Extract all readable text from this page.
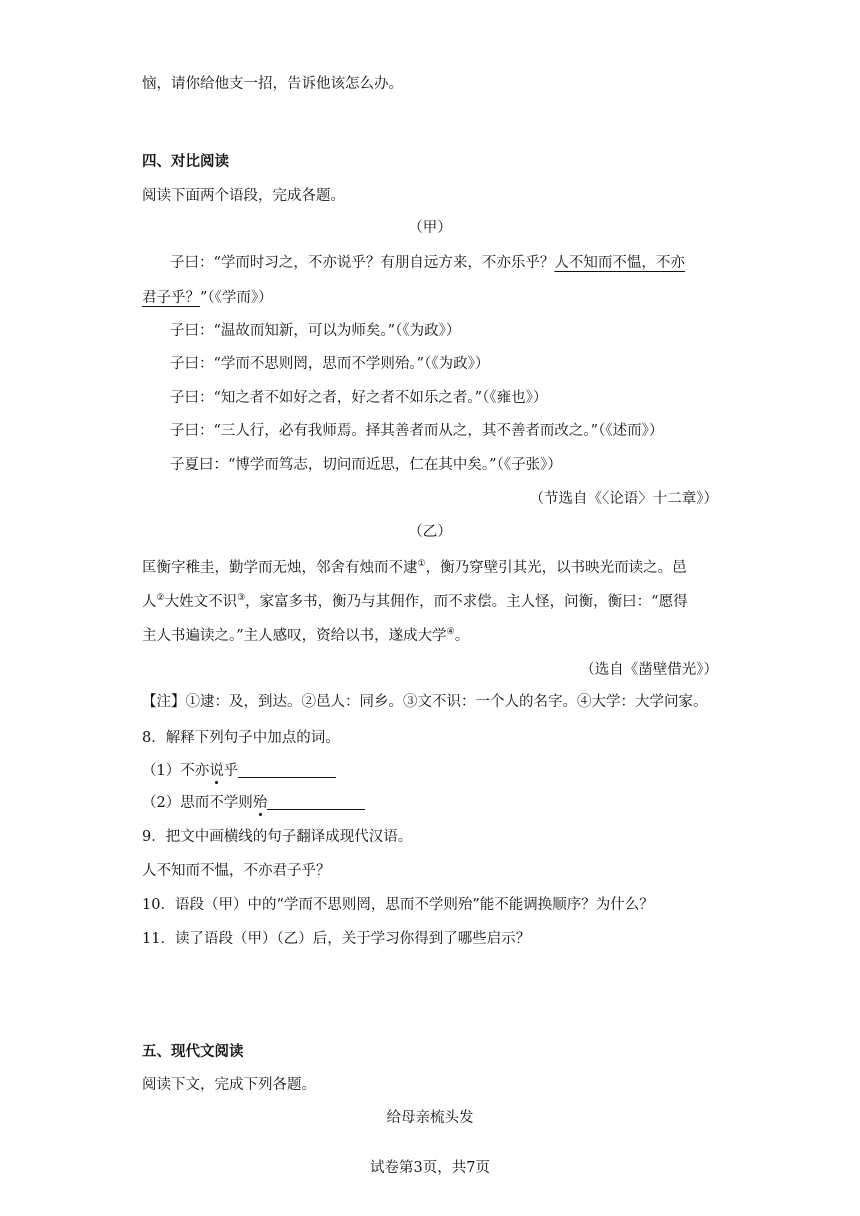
恼，请你给他支一招，告诉他该怎么办。
四、对比阅读
阅读下面两个语段，完成各题。
（甲）
子曰：“学而时习之，不亦说乎？有朋自远方来，不亦乐乎？人不知而不愠，不亦
君子乎？”（《学而》）
子曰：“温故而知新，可以为师矣。”（《为政》）
子曰：“学而不思则罔，思而不学则殆。”（《为政》）
子曰：“知之者不如好之者，好之者不如乐之者。”（《雍也》）
子曰：“三人行，必有我师焉。择其善者而从之，其不善者而改之。”（《述而》）
子夏曰：“博学而笃志，切问而近思，仁在其中矣。”（《子张》）
（节选自《〈论语〉十二章》）
（乙）
匡衡字稚圭，勤学而无烛，邻舍有烛而不逮①，衡乃穿壁引其光，以书映光而读之。邑
人②大姓文不识③，家富多书，衡乃与其佣作，而不求偿。主人怪，问衡，衡曰：“愿得
主人书遍读之。”主人感叹，资给以书，遂成大学④。
（选自《凿壁借光》）
【注】①逮：及，到达。②邑人：同乡。③文不识：一个人的名字。④大学：大学问家。
8．解释下列句子中加点的词。
（1）不亦说乎
（2）思而不学则殆
9．把文中画横线的句子翻译成现代汉语。
人不知而不愠，不亦君子乎？
10．语段（甲）中的“学而不思则罔，思而不学则殆”能不能调换顺序？为什么？
11．读了语段（甲）（乙）后，关于学习你得到了哪些启示？
五、现代文阅读
阅读下文，完成下列各题。
给母亲梳头发
试卷第3页，共7页
